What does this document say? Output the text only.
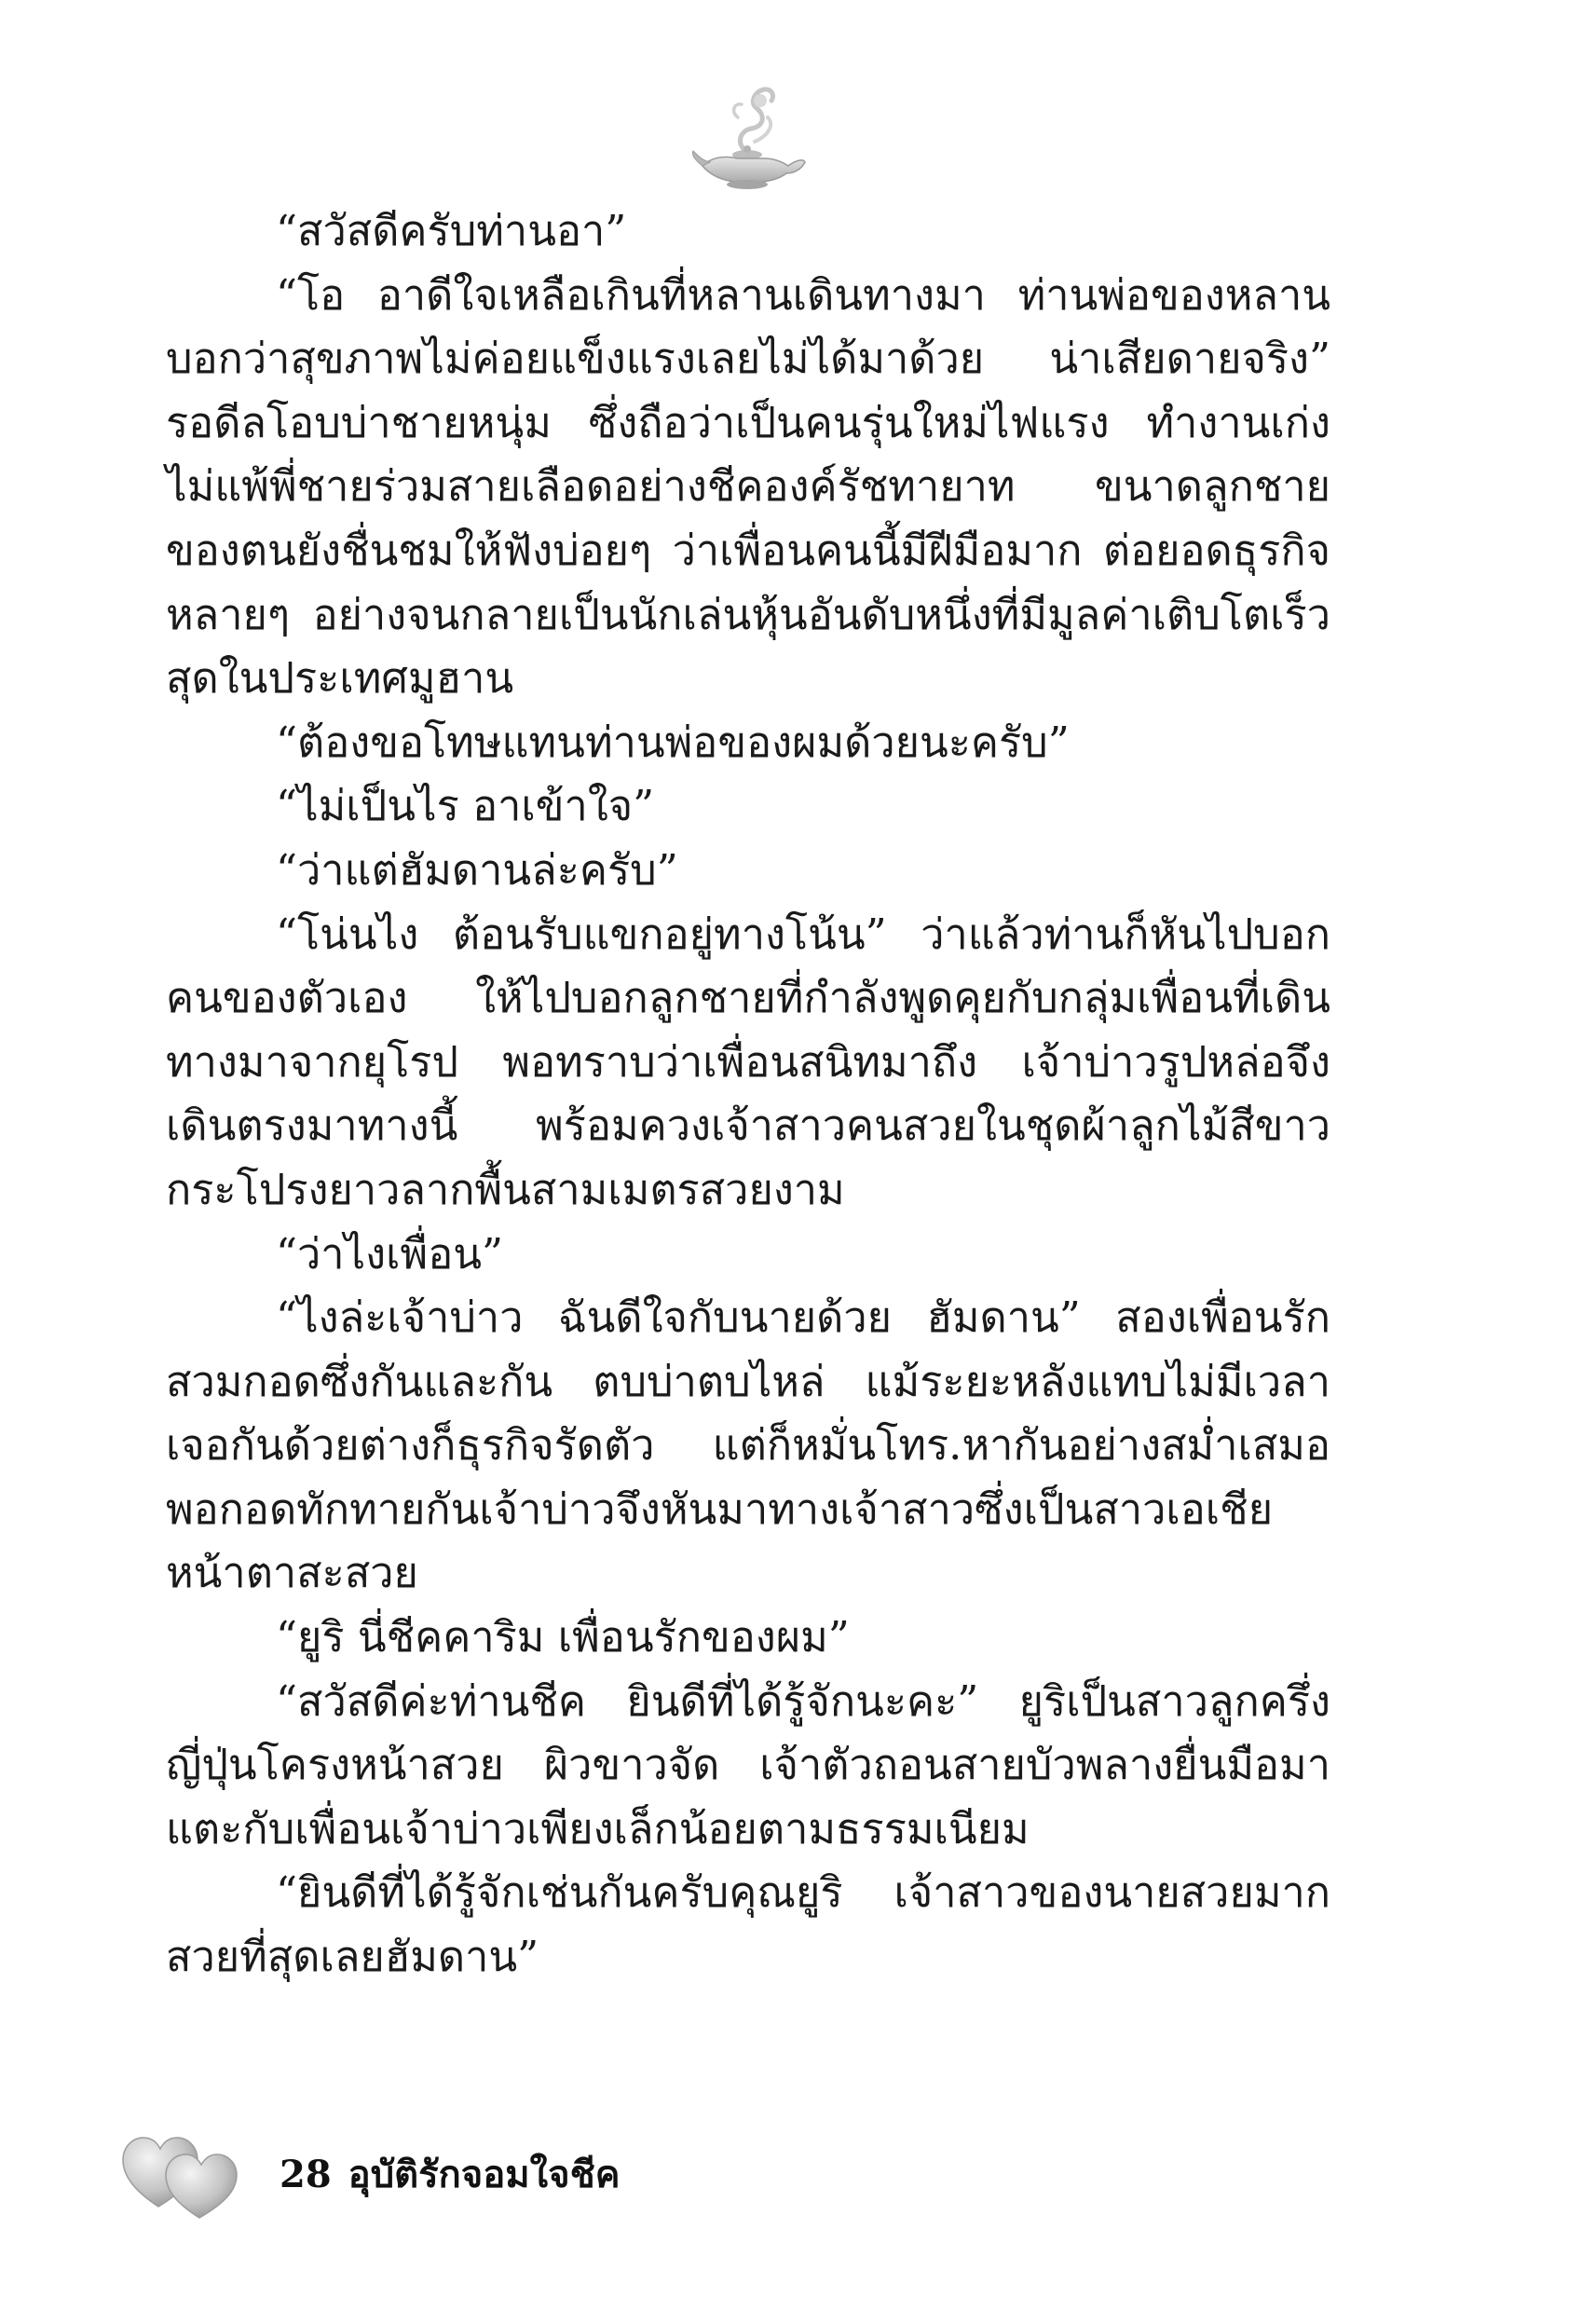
“สวัสดีครับท่านอา”

“โอ อาดีใจเหลือเกินที่หลานเดินทางมา ท่านพ่อของหลานบอกว่าสุขภาพไม่ค่อยแข็งแรงเลยไม่ได้มาด้วย น่าเสียดายจริง” รอดีลโอบบ่าชายหนุ่ม ซึ่งถือว่าเป็นคนรุ่นใหม่ไฟแรง ทำงานเก่งไม่แพ้พี่ชายร่วมสายเลือดอย่างชีคองค์รัชทายาท ขนาดลูกชายของตนยังชื่นชมให้ฟังบ่อยๆ ว่าเพื่อนคนนี้มีฝีมือมาก ต่อยอดธุรกิจหลายๆ อย่างจนกลายเป็นนักเล่นหุ้นอันดับหนึ่งที่มีมูลค่าเติบโตเร็วสุดในประเทศมูฮาน

“ต้องขอโทษแทนท่านพ่อของผมด้วยนะครับ”

“ไม่เป็นไร อาเข้าใจ”

“ว่าแต่ฮัมดานล่ะครับ”

“โน่นไง ต้อนรับแขกอยู่ทางโน้น” ว่าแล้วท่านก็หันไปบอกคนของตัวเอง ให้ไปบอกลูกชายที่กำลังพูดคุยกับกลุ่มเพื่อนที่เดินทางมาจากยุโรป พอทราบว่าเพื่อนสนิทมาถึง เจ้าบ่าวรูปหล่อจึงเดินตรงมาทางนี้ พร้อมควงเจ้าสาวคนสวยในชุดผ้าลูกไม้สีขาวกระโปรงยาวลากพื้นสามเมตรสวยงาม

“ว่าไงเพื่อน”

“ไงล่ะเจ้าบ่าว ฉันดีใจกับนายด้วย ฮัมดาน” สองเพื่อนรักสวมกอดซึ่งกันและกัน ตบบ่าตบไหล่ แม้ระยะหลังแทบไม่มีเวลาเจอกันด้วยต่างก็ธุรกิจรัดตัว แต่ก็หมั่นโทร.หากันอย่างสม่ำเสมอ พอกอดทักทายกันเจ้าบ่าวจึงหันมาทางเจ้าสาวซึ่งเป็นสาวเอเชียหน้าตาสะสวย

“ยูริ นี่ชีคคาริม เพื่อนรักของผม”

“สวัสดีค่ะท่านชีค ยินดีที่ได้รู้จักนะคะ” ยูริเป็นสาวลูกครึ่งญี่ปุ่นโครงหน้าสวย ผิวขาวจัด เจ้าตัวถอนสายบัวพลางยื่นมือมาแตะกับเพื่อนเจ้าบ่าวเพียงเล็กน้อยตามธรรมเนียม

“ยินดีที่ได้รู้จักเช่นกันครับคุณยูริ เจ้าสาวของนายสวยมาก สวยที่สุดเลยฮัมดาน”

28 อุบัติรักจอมใจชีค
